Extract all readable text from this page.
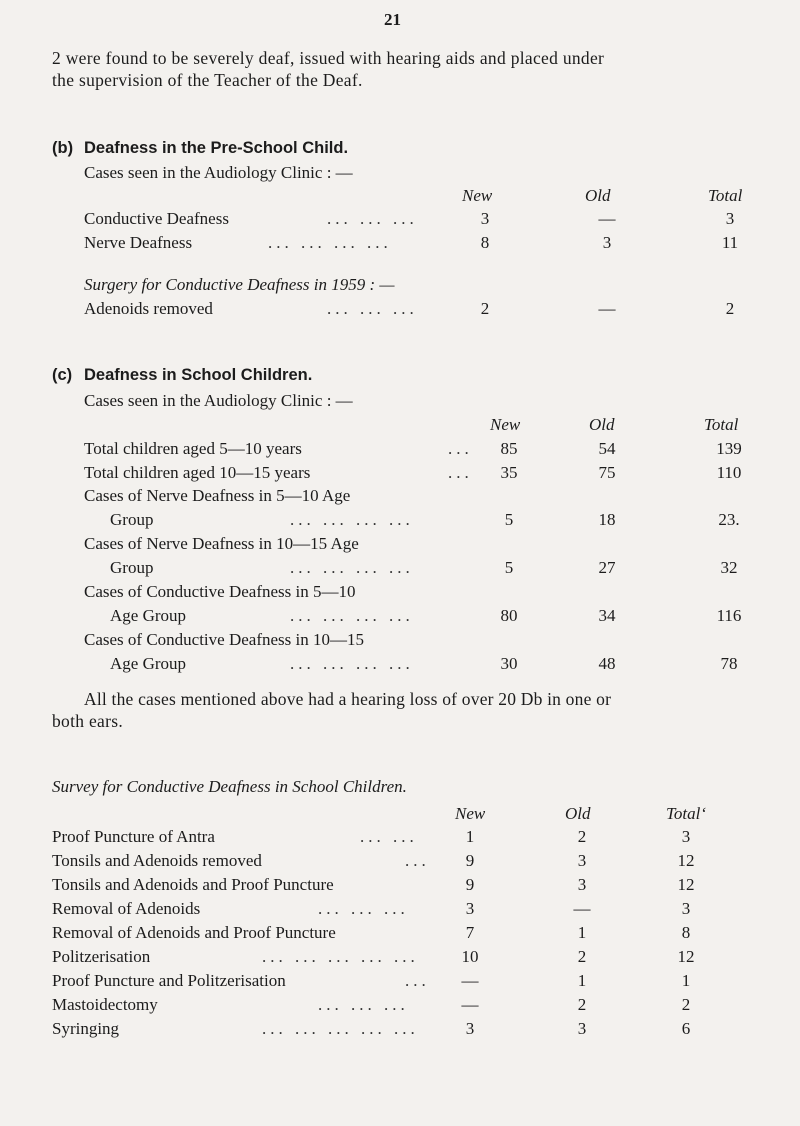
21
2 were found to be severely deaf, issued with hearing aids and placed under
the supervision of the Teacher of the Deaf.
(b) Deafness in the Pre-School Child.
Cases seen in the Audiology Clinic : —
New	Old	Total
Conductive Deafness	... ... ...	3	—	3
Nerve Deafness	... ... ... ...	8	3	11
Surgery for Conductive Deafness in 1959 : —
Adenoids removed	... ... ...	2	—	2
(c) Deafness in School Children.
Cases seen in the Audiology Clinic : —
New	Old	Total
Total children aged 5—10 years	...	85	54	139
Total children aged 10—15 years	...	35	75	110
Cases of Nerve Deafness in 5—10 Age
Group	... ... ... ...	5	18	23.
Cases of Nerve Deafness in 10—15 Age
Group	... ... ... ...	5	27	32
Cases of Conductive Deafness in 5—10
Age Group	... ... ... ...	80	34	116
Cases of Conductive Deafness in 10—15
Age Group	... ... ... ...	30	48	78
All the cases mentioned above had a hearing loss of over 20 Db in one or
both ears.
Survey for Conductive Deafness in School Children.
New	Old	Total‘
Proof Puncture of Antra	... ...	1	2	3
Tonsils and Adenoids removed	...	9	3	12
Tonsils and Adenoids and Proof Puncture	9	3	12
Removal of Adenoids	... ... ...	3	—	3
Removal of Adenoids and Proof Puncture	7	1	8
Politzerisation	... ... ... ... ...	10	2	12
Proof Puncture and Politzerisation	...	—	1	1
Mastoidectomy	... ... ...	—	2	2
Syringing	... ... ... ... ...	3	3	6
